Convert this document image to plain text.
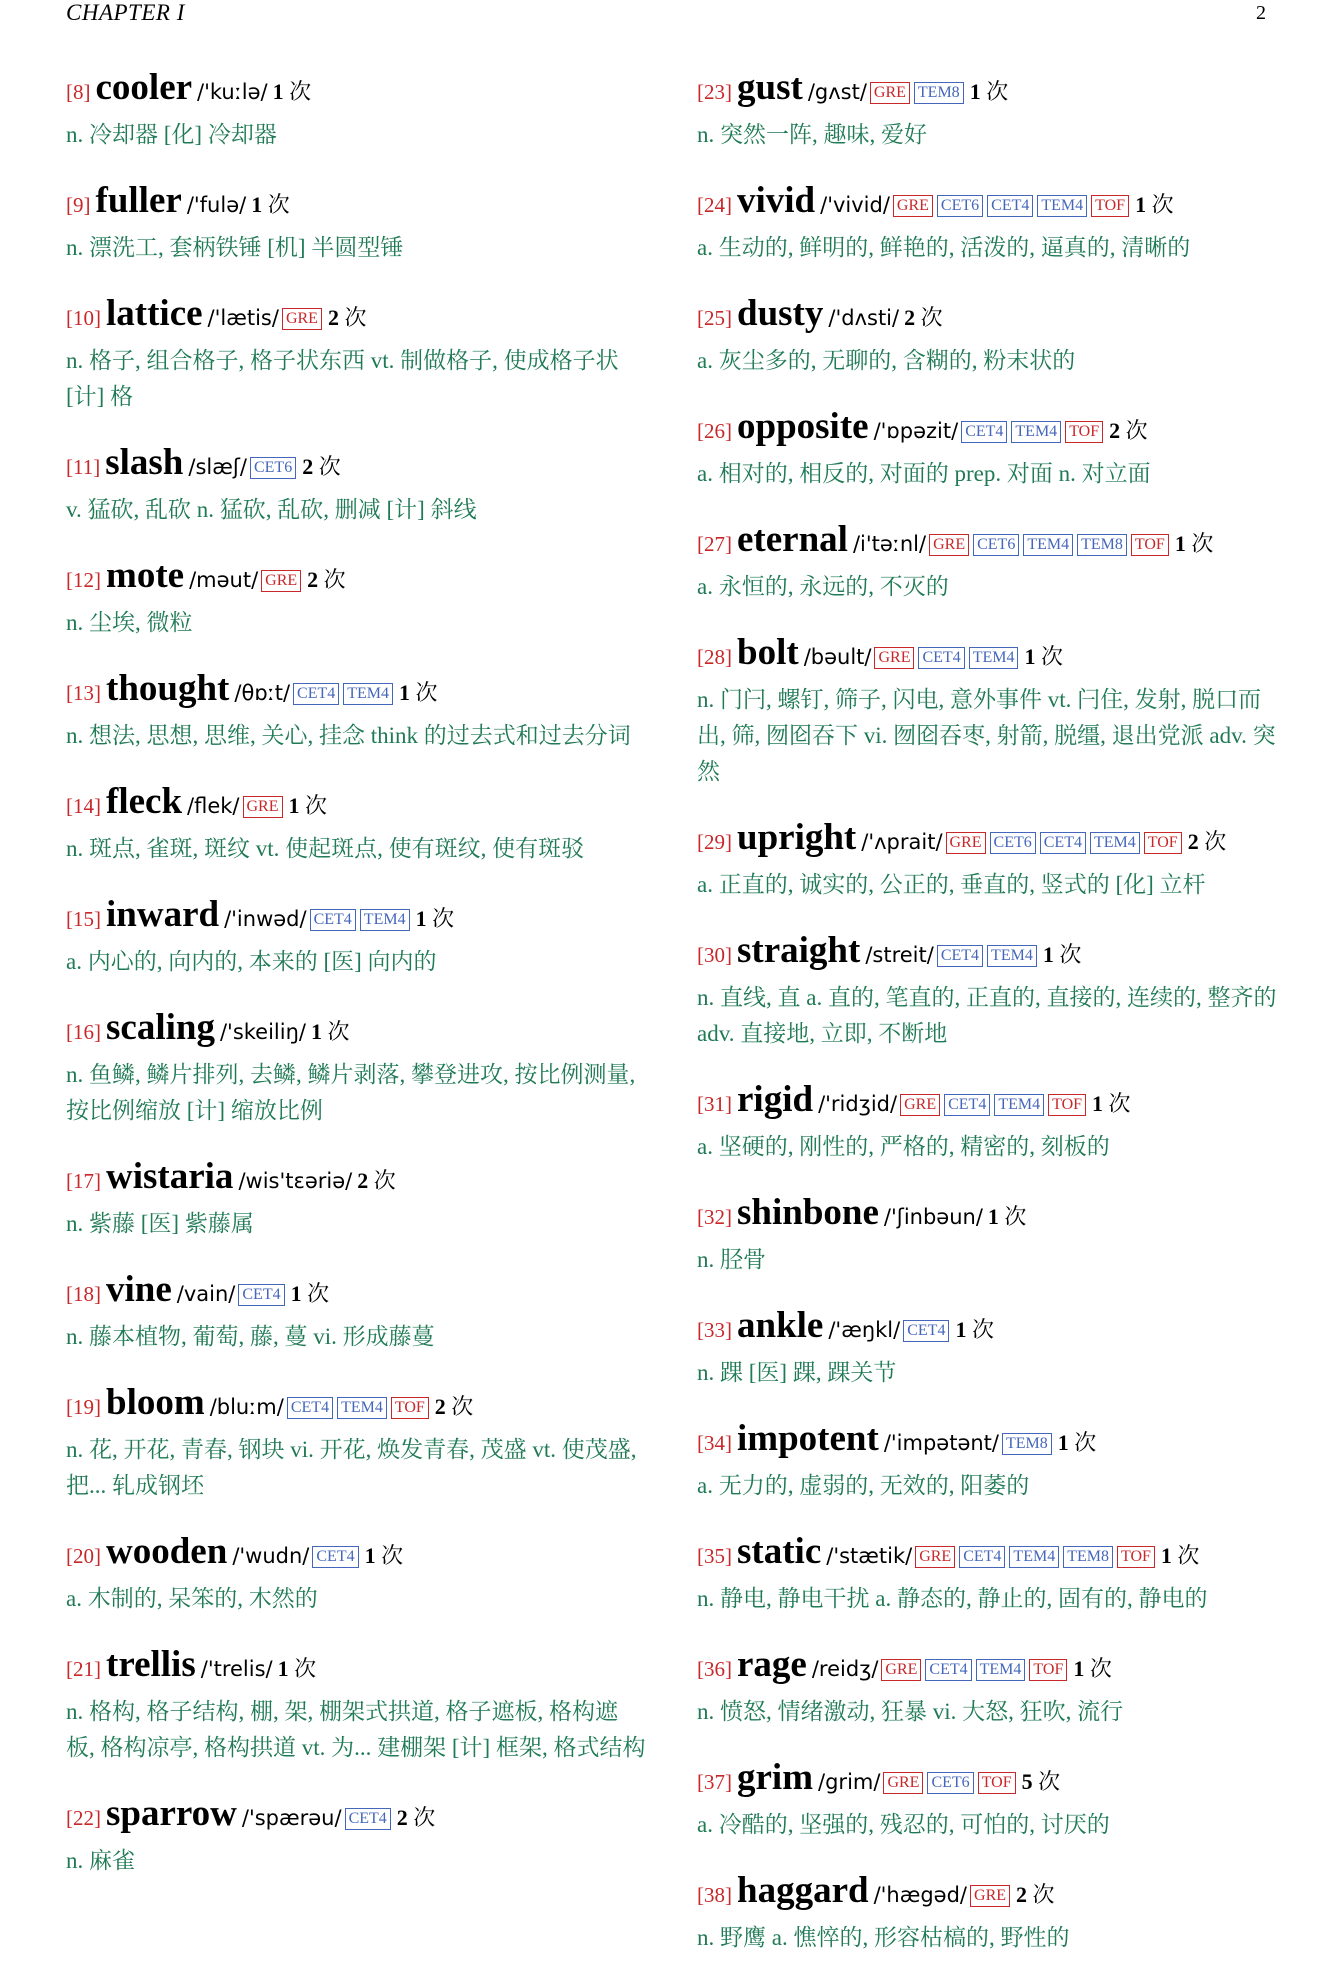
CHAPTER I	2
[8] cooler /'kuːlə/ 1 次
n. 冷却器 [化] 冷却器
[9] fuller /'fulə/ 1 次
n. 漂洗工, 套柄铁锤 [机] 半圆型锤
[10] lattice /'lætis/ GRE 2 次
n. 格子, 组合格子, 格子状东西 vt. 制做格子, 使成格子状 [计] 格
[11] slash /slæʃ/ CET6 2 次
v. 猛砍, 乱砍 n. 猛砍, 乱砍, 删减 [计] 斜线
[12] mote /məut/ GRE 2 次
n. 尘埃, 微粒
[13] thought /θɒːt/ CET4 TEM4 1 次
n. 想法, 思想, 思维, 关心, 挂念 think 的过去式和过去分词
[14] fleck /flek/ GRE 1 次
n. 斑点, 雀斑, 斑纹 vt. 使起斑点, 使有斑纹, 使有斑驳
[15] inward /'inwəd/ CET4 TEM4 1 次
a. 内心的, 向内的, 本来的 [医] 向内的
[16] scaling /'skeiliŋ/ 1 次
n. 鱼鳞, 鳞片排列, 去鳞, 鳞片剥落, 攀登进攻, 按比例测量, 按比例缩放 [计] 缩放比例
[17] wistaria /wis'tɛəriə/ 2 次
n. 紫藤 [医] 紫藤属
[18] vine /vain/ CET4 1 次
n. 藤本植物, 葡萄, 藤, 蔓 vi. 形成藤蔓
[19] bloom /bluːm/ CET4 TEM4 TOF 2 次
n. 花, 开花, 青春, 钢块 vi. 开花, 焕发青春, 茂盛 vt. 使茂盛, 把... 轧成钢坯
[20] wooden /'wudn/ CET4 1 次
a. 木制的, 呆笨的, 木然的
[21] trellis /'trelis/ 1 次
n. 格构, 格子结构, 棚, 架, 棚架式拱道, 格子遮板, 格构遮板, 格构凉亭, 格构拱道 vt. 为... 建棚架 [计] 框架, 格式结构
[22] sparrow /'spærəu/ CET4 2 次
n. 麻雀
[23] gust /gʌst/ GRE TEM8 1 次
n. 突然一阵, 趣味, 爱好
[24] vivid /'vivid/ GRE CET6 CET4 TEM4 TOF 1 次
a. 生动的, 鲜明的, 鲜艳的, 活泼的, 逼真的, 清晰的
[25] dusty /'dʌsti/ 2 次
a. 灰尘多的, 无聊的, 含糊的, 粉末状的
[26] opposite /'ɒpəzit/ CET4 TEM4 TOF 2 次
a. 相对的, 相反的, 对面的 prep. 对面 n. 对立面
[27] eternal /i'təːnl/ GRE CET6 TEM4 TEM8 TOF 1 次
a. 永恒的, 永远的, 不灭的
[28] bolt /bəult/ GRE CET4 TEM4 1 次
n. 门闩, 螺钉, 筛子, 闪电, 意外事件 vt. 闩住, 发射, 脱口而出, 筛, 囫囵吞下 vi. 囫囵吞枣, 射箭, 脱缰, 退出党派 adv. 突然
[29] upright /'ʌprait/ GRE CET6 CET4 TEM4 TOF 2 次
a. 正直的, 诚实的, 公正的, 垂直的, 竖式的 [化] 立杆
[30] straight /streit/ CET4 TEM4 1 次
n. 直线, 直 a. 直的, 笔直的, 正直的, 直接的, 连续的, 整齐的 adv. 直接地, 立即, 不断地
[31] rigid /'ridʒid/ GRE CET4 TEM4 TOF 1 次
a. 坚硬的, 刚性的, 严格的, 精密的, 刻板的
[32] shinbone /'ʃinbəun/ 1 次
n. 胫骨
[33] ankle /'æŋkl/ CET4 1 次
n. 踝 [医] 踝, 踝关节
[34] impotent /'impətənt/ TEM8 1 次
a. 无力的, 虚弱的, 无效的, 阳萎的
[35] static /'stætik/ GRE CET4 TEM4 TEM8 TOF 1 次
n. 静电, 静电干扰 a. 静态的, 静止的, 固有的, 静电的
[36] rage /reidʒ/ GRE CET4 TEM4 TOF 1 次
n. 愤怒, 情绪激动, 狂暴 vi. 大怒, 狂吹, 流行
[37] grim /grim/ GRE CET6 TOF 5 次
a. 冷酷的, 坚强的, 残忍的, 可怕的, 讨厌的
[38] haggard /'hægəd/ GRE 2 次
n. 野鹰 a. 憔悴的, 形容枯槁的, 野性的
